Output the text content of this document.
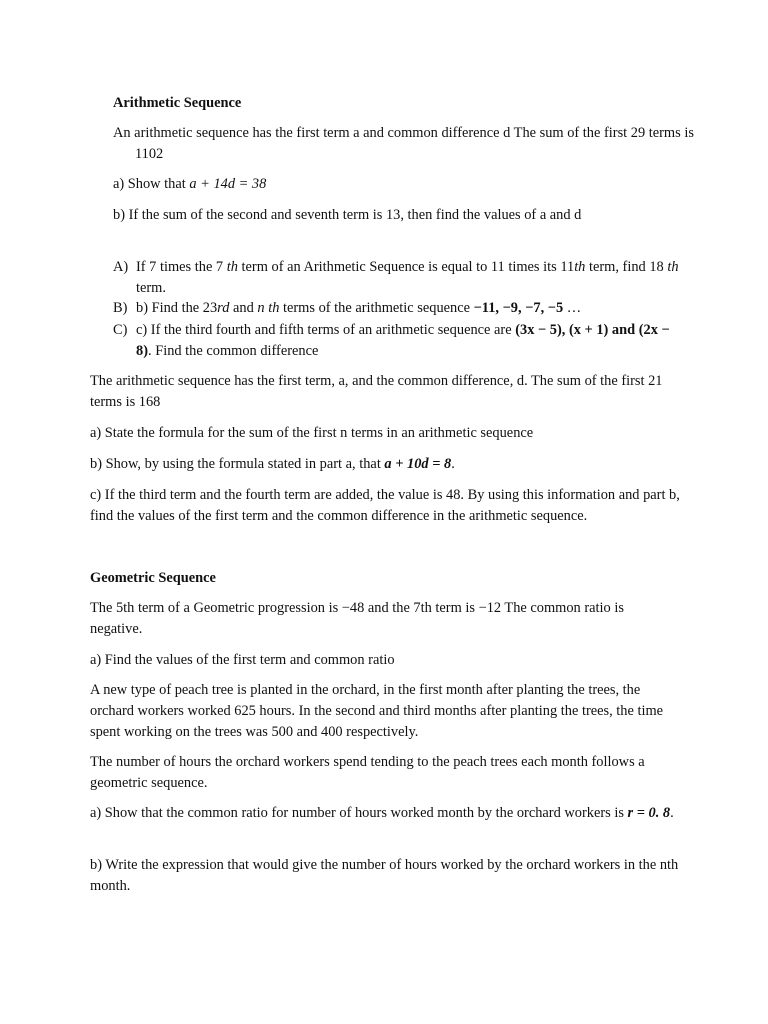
Arithmetic Sequence

An arithmetic sequence has the first term a and common difference d The sum of the first 29 terms is 1102

a) Show that a + 14d = 38

b) If the sum of the second and seventh term is 13, then find the values of a and d

A) If 7 times the 7 th term of an Arithmetic Sequence is equal to 11 times its 11th term, find 18 th term.
B) b) Find the 23rd and n th terms of the arithmetic sequence −11, −9, −7, −5 …
C) c) If the third fourth and fifth terms of an arithmetic sequence are (3x − 5), (x + 1) and (2x − 8). Find the common difference

The arithmetic sequence has the first term, a, and the common difference, d. The sum of the first 21 terms is 168

a) State the formula for the sum of the first n terms in an arithmetic sequence

b) Show, by using the formula stated in part a, that a + 10d = 8.

c) If the third term and the fourth term are added, the value is 48. By using this information and part b, find the values of the first term and the common difference in the arithmetic sequence.

Geometric Sequence

The 5th term of a Geometric progression is −48 and the 7th term is −12 The common ratio is negative.

a) Find the values of the first term and common ratio

A new type of peach tree is planted in the orchard, in the first month after planting the trees, the orchard workers worked 625 hours. In the second and third months after planting the trees, the time spent working on the trees was 500 and 400 respectively.

The number of hours the orchard workers spend tending to the peach trees each month follows a geometric sequence.

a) Show that the common ratio for number of hours worked month by the orchard workers is r = 0. 8.

b) Write the expression that would give the number of hours worked by the orchard workers in the nth month.
